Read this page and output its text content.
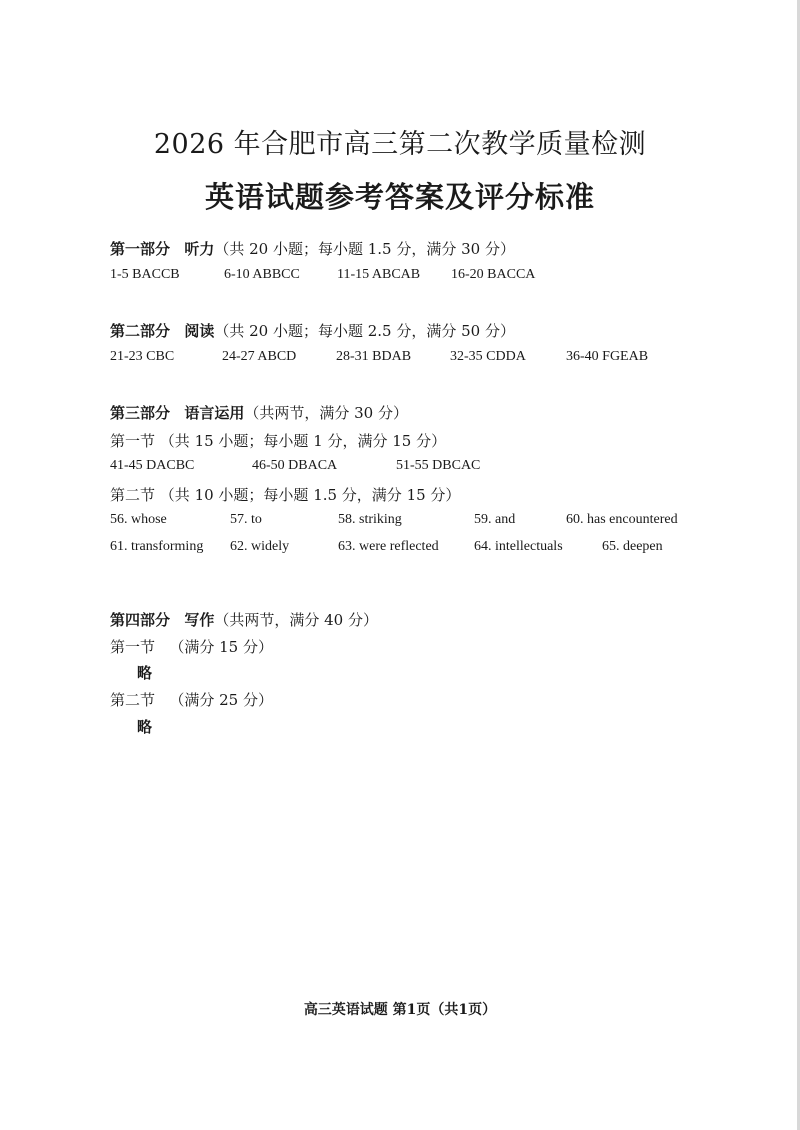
2026 年合肥市高三第二次教学质量检测
英语试题参考答案及评分标准
第一部分 听力（共 20 小题；每小题 1.5 分，满分 30 分）
1-5 BACCB	6-10 ABBCC	11-15 ABCAB 16-20 BACCA
第二部分 阅读（共 20 小题；每小题 2.5 分，满分 50 分）
21-23 CBC	24-27 ABCD	28-31 BDAB	32-35 CDDA	36-40 FGEAB
第三部分 语言运用（共两节，满分 30 分）
第一节 （共 15 小题；每小题 1 分，满分 15 分）
41-45 DACBC	46-50 DBACA	51-55 DBCAC
第二节 （共 10 小题；每小题 1.5 分，满分 15 分）
56. whose	57. to	58. striking	59. and	60. has encountered
61. transforming 62. widely	63. were reflected	64. intellectuals	65. deepen
第四部分 写作（共两节，满分 40 分）
第一节 （满分 15 分）
略
第二节 （满分 25 分）
略
高三英语试题 第1页（共1页）
